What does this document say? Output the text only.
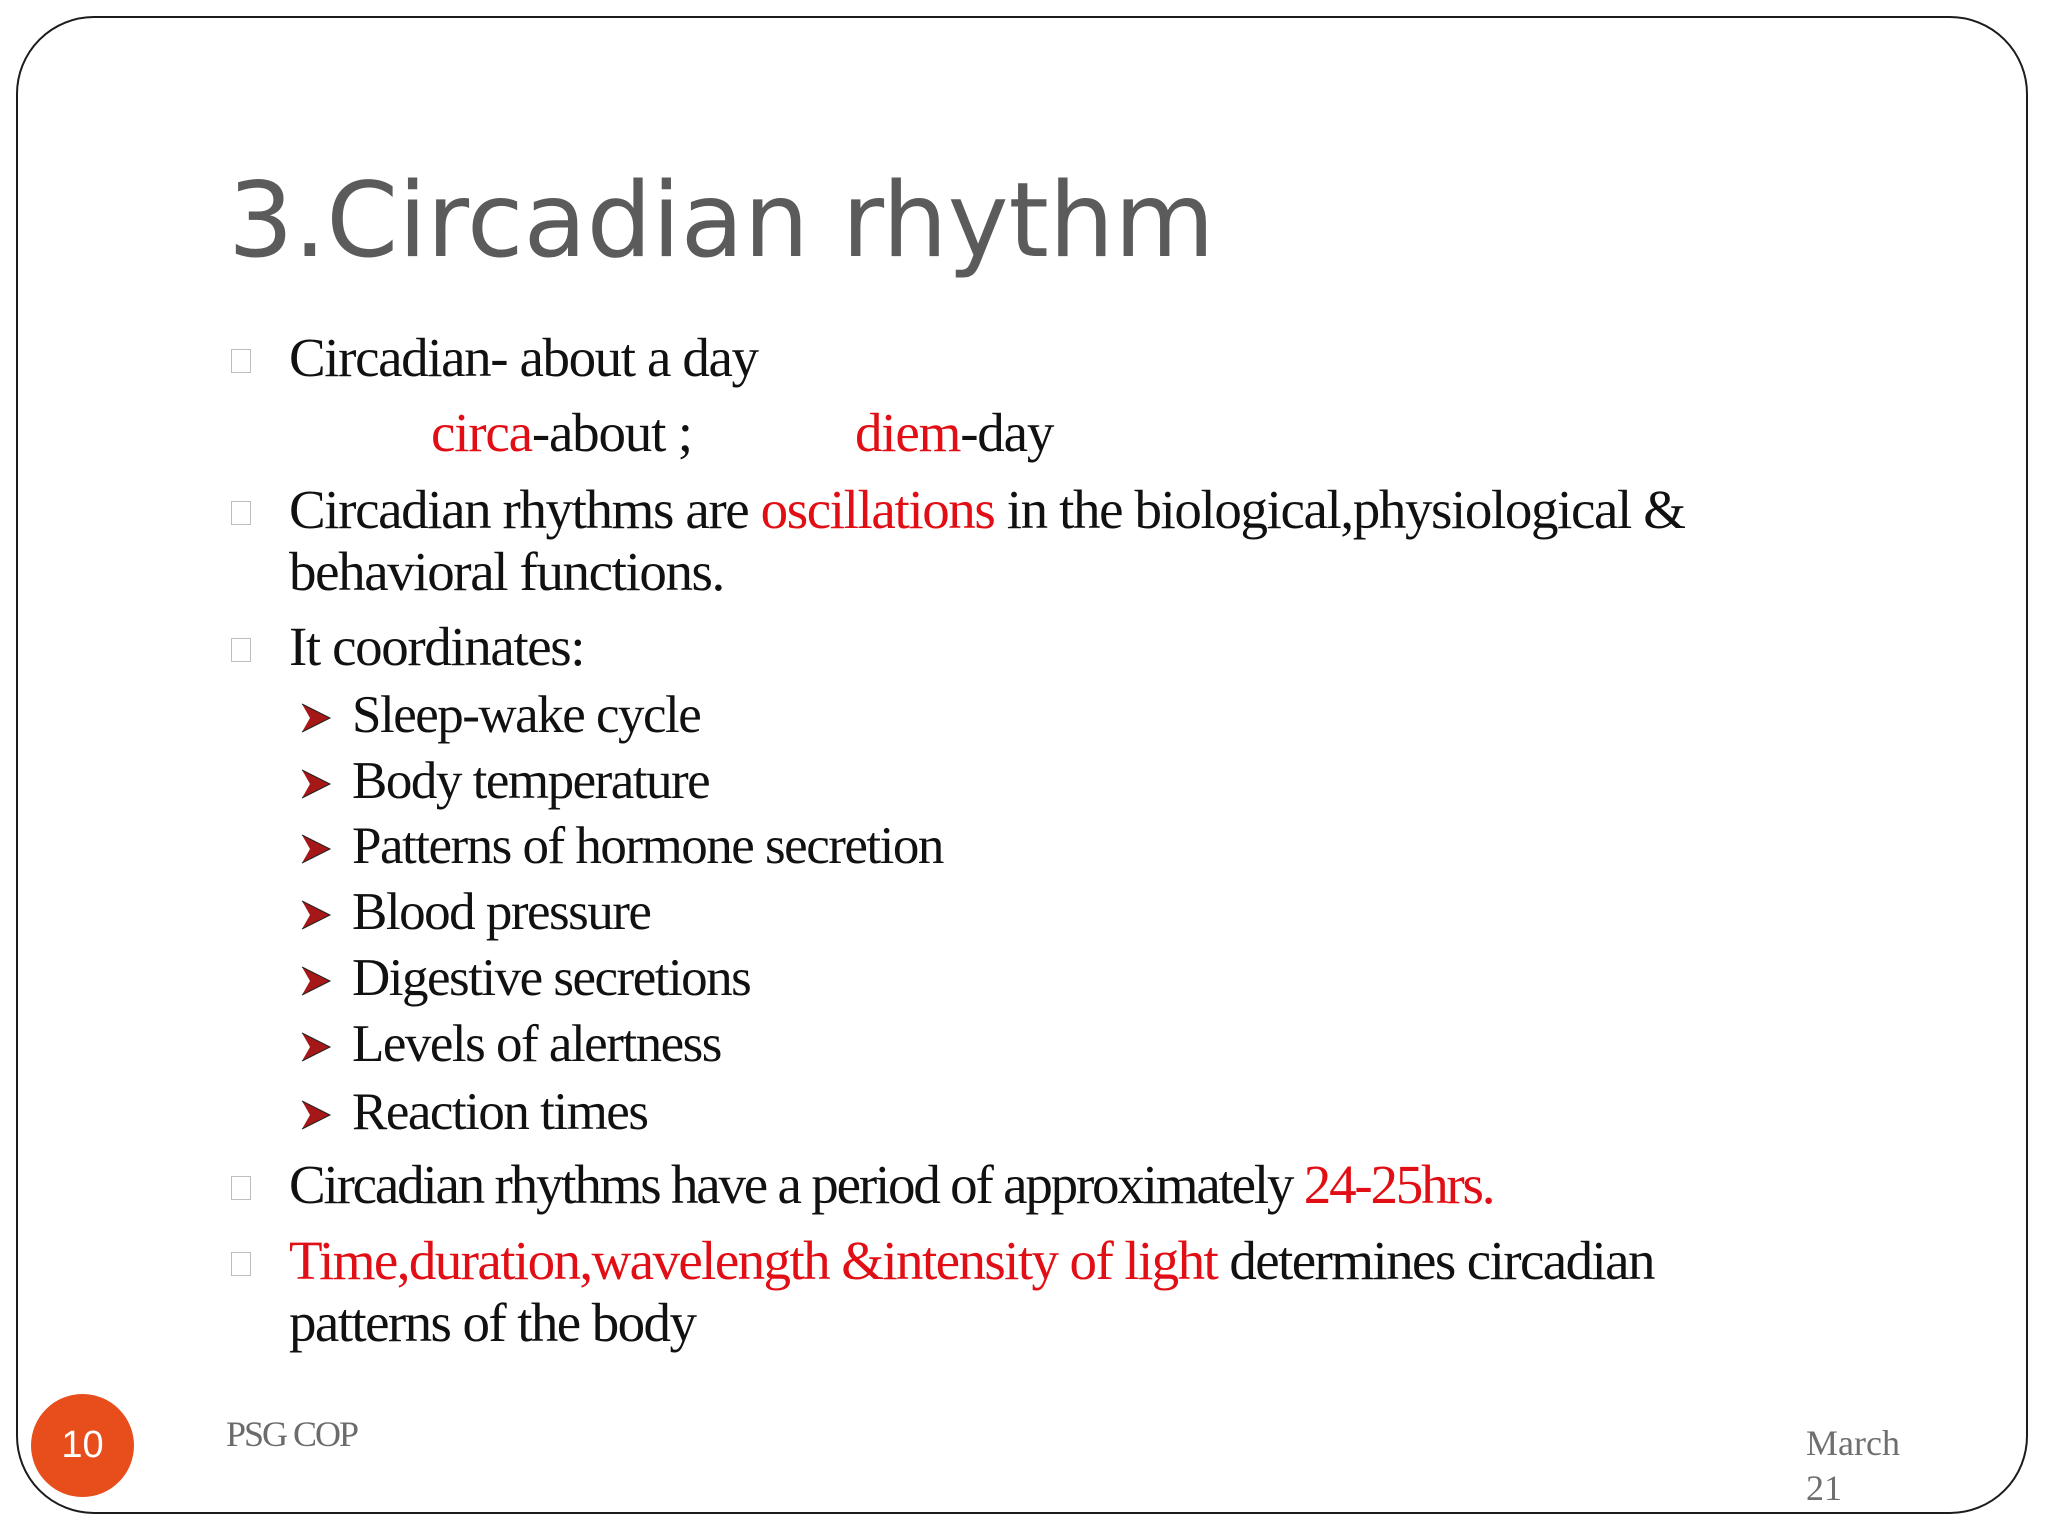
3.Circadian rhythm
Circadian- about a day
circa-about ;	diem-day
Circadian rhythms are oscillations in the biological,physiological &
behavioral functions.
It coordinates:
Sleep-wake cycle
Body temperature
Patterns of hormone secretion
Blood pressure
Digestive secretions
Levels of alertness
Reaction times
Circadian rhythms have a period of approximately 24-25hrs.
Time,duration,wavelength &intensity of light determines circadian
patterns of the body
10	PSG COP	March
21
